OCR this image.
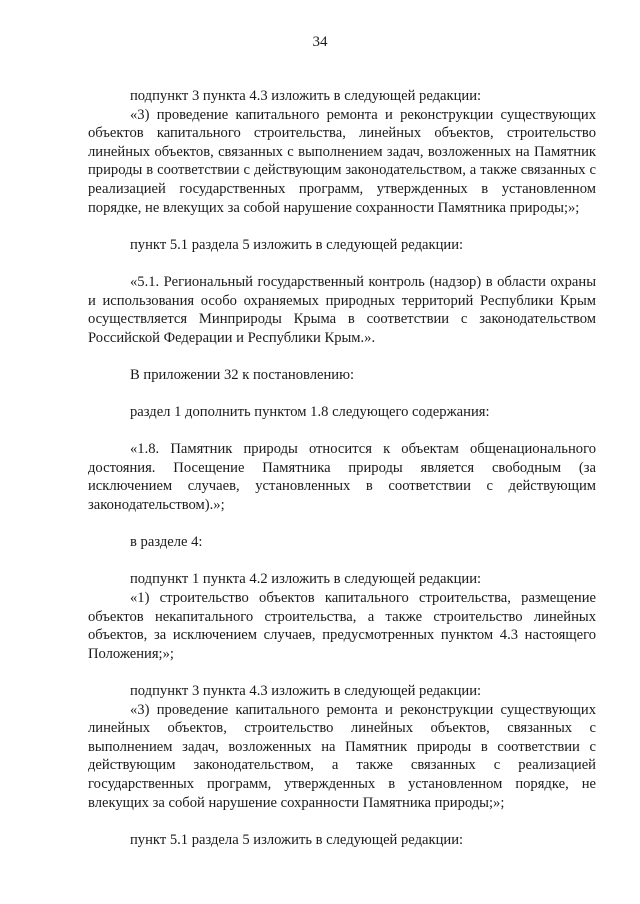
34

подпункт 3 пункта 4.3 изложить в следующей редакции:

«3) проведение капитального ремонта и реконструкции существующих объектов капитального строительства, линейных объектов, строительство линейных объектов, связанных с выполнением задач, возложенных на Памятник природы в соответствии с действующим законодательством, а также связанных с реализацией государственных программ, утвержденных в установленном порядке, не влекущих за собой нарушение сохранности Памятника природы;»;

пункт 5.1 раздела 5 изложить в следующей редакции:

«5.1. Региональный государственный контроль (надзор) в области охраны и использования особо охраняемых природных территорий Республики Крым осуществляется Минприроды Крыма в соответствии с законодательством Российской Федерации и Республики Крым.».

В приложении 32 к постановлению:

раздел 1 дополнить пунктом 1.8 следующего содержания:

«1.8. Памятник природы относится к объектам общенационального достояния. Посещение Памятника природы является свободным (за исключением случаев, установленных в соответствии с действующим законодательством).»;

в разделе 4:

подпункт 1 пункта 4.2 изложить в следующей редакции:

«1) строительство объектов капитального строительства, размещение объектов некапитального строительства, а также строительство линейных объектов, за исключением случаев, предусмотренных пунктом 4.3 настоящего Положения;»;

подпункт 3 пункта 4.3 изложить в следующей редакции:

«3) проведение капитального ремонта и реконструкции существующих линейных объектов, строительство линейных объектов, связанных с выполнением задач, возложенных на Памятник природы в соответствии с действующим законодательством, а также связанных с реализацией государственных программ, утвержденных в установленном порядке, не влекущих за собой нарушение сохранности Памятника природы;»;

пункт 5.1 раздела 5 изложить в следующей редакции:
